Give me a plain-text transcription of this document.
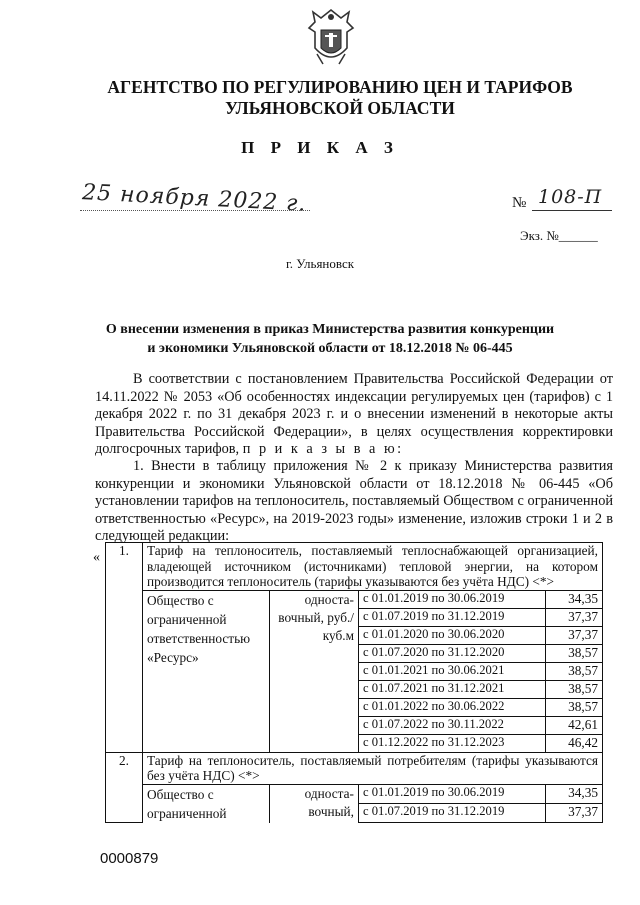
АГЕНТСТВО ПО РЕГУЛИРОВАНИЮ ЦЕН И ТАРИФОВ
УЛЬЯНОВСКОЙ ОБЛАСТИ
П Р И К А З
25 ноября 2022 г.	№ 108-П
Экз. №______
г. Ульяновск
О внесении изменения в приказ Министерства развития конкуренции
и экономики Ульяновской области от 18.12.2018 № 06-445
В соответствии с постановлением Правительства Российской Федерации от 14.11.2022 № 2053 «Об особенностях индексации регулируемых цен (тарифов) с 1 декабря 2022 г. по 31 декабря 2023 г. и о внесении изменений в некоторые акты Правительства Российской Федерации», в целях осуществления корректировки долгосрочных тарифов, п р и к а з ы в а ю:
1. Внести в таблицу приложения № 2 к приказу Министерства развития конкуренции и экономики Ульяновской области от 18.12.2018 № 06-445 «Об установлении тарифов на теплоноситель, поставляемый Обществом с ограниченной ответственностью «Ресурс», на 2019-2023 годы» изменение, изложив строки 1 и 2 в следующей редакции:
« 1.	Тариф на теплоноситель, поставляемый теплоснабжающей организацией, владеющей источником (источниками) тепловой энергии, на котором производится теплоноситель (тарифы указываются без учёта НДС) <*>			
	Общество с ограниченной ответственностью «Ресурс»	односта-вочный, руб./ куб.м	с 01.01.2019 по 30.06.2019	34,35
			с 01.07.2019 по 31.12.2019	37,37
			с 01.01.2020 по 30.06.2020	37,37
			с 01.07.2020 по 31.12.2020	38,57
			с 01.01.2021 по 30.06.2021	38,57
			с 01.07.2021 по 31.12.2021	38,57
			с 01.01.2022 по 30.06.2022	38,57
			с 01.07.2022 по 30.11.2022	42,61
			с 01.12.2022 по 31.12.2023	46,42
2.	Тариф на теплоноситель, поставляемый потребителям (тарифы указываются без учёта НДС) <*>			
	Общество с ограниченной	односта-вочный,	с 01.01.2019 по 30.06.2019	34,35
			с 01.07.2019 по 31.12.2019	37,37
0000879
